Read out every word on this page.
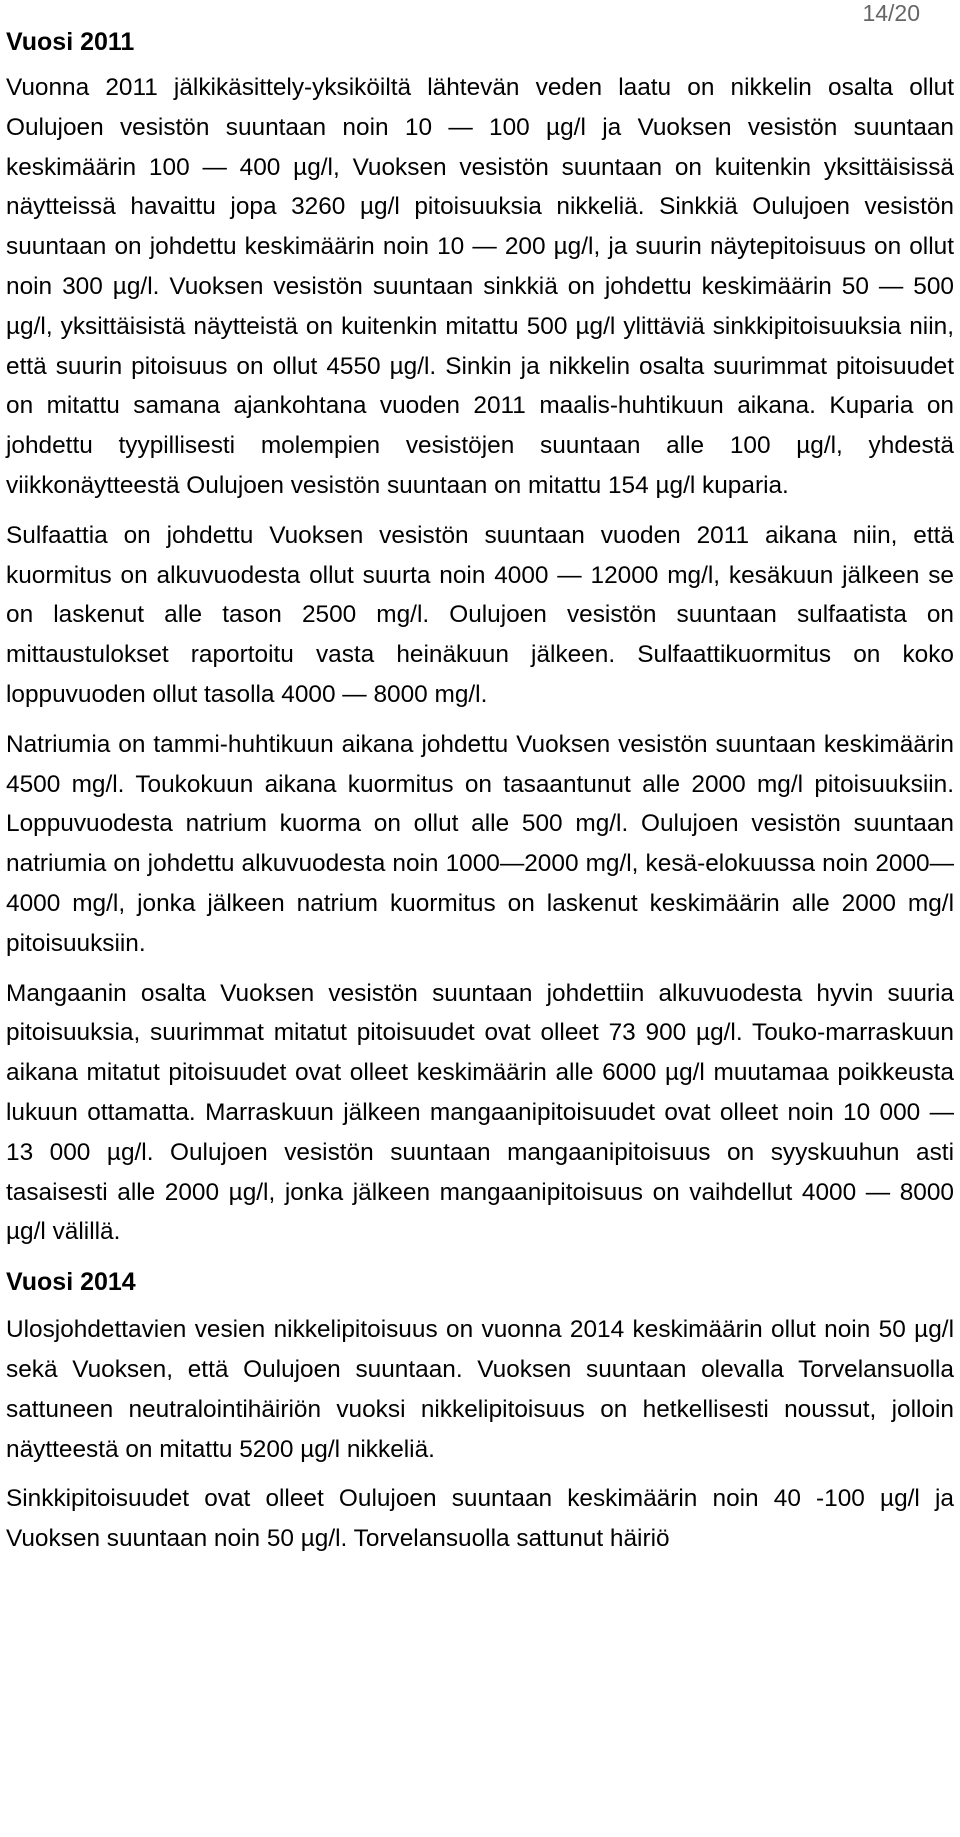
14/20
Vuosi 2011

Vuonna 2011 jälkikäsittely-yksiköiltä lähtevän veden laatu on nikkelin osalta ollut Oulujoen vesistön suuntaan noin 10 — 100 µg/l ja Vuoksen vesistön suuntaan keskimäärin 100 — 400 µg/l, Vuoksen vesistön suuntaan on kuitenkin yksittäisissä näytteissä havaittu jopa 3260 µg/l pitoisuuksia nikkeliä. Sinkkiä Oulujoen vesistön suuntaan on johdettu keskimäärin noin 10 — 200 µg/l, ja suurin näytepitoisuus on ollut noin 300 µg/l. Vuoksen vesistön suuntaan sinkkiä on johdettu keskimäärin 50 — 500 µg/l, yksittäisistä näytteistä on kuitenkin mitattu 500 µg/l ylittäviä sinkkipitoisuuksia niin, että suurin pitoisuus on ollut 4550 µg/l. Sinkin ja nikkelin osalta suurimmat pitoisuudet on mitattu samana ajankohtana vuoden 2011 maalis-huhtikuun aikana. Kuparia on johdettu tyypillisesti molempien vesistöjen suuntaan alle 100 µg/l, yhdestä viikkonäytteestä Oulujoen vesistön suuntaan on mitattu 154 µg/l kuparia.

Sulfaattia on johdettu Vuoksen vesistön suuntaan vuoden 2011 aikana niin, että kuormitus on alkuvuodesta ollut suurta noin 4000 — 12000 mg/l, kesäkuun jälkeen se on laskenut alle tason 2500 mg/l. Oulujoen vesistön suuntaan sulfaatista on mittaustulokset raportoitu vasta heinäkuun jälkeen. Sulfaattikuormitus on koko loppuvuoden ollut tasolla 4000 — 8000 mg/l.

Natriumia on tammi-huhtikuun aikana johdettu Vuoksen vesistön suuntaan keskimäärin 4500 mg/l. Toukokuun aikana kuormitus on tasaantunut alle 2000 mg/l pitoisuuksiin. Loppuvuodesta natrium kuorma on ollut alle 500 mg/l. Oulujoen vesistön suuntaan natriumia on johdettu alkuvuodesta noin 1000—2000 mg/l, kesä-elokuussa noin 2000—4000 mg/l, jonka jälkeen natrium kuormitus on laskenut keskimäärin alle 2000 mg/l pitoisuuksiin.

Mangaanin osalta Vuoksen vesistön suuntaan johdettiin alkuvuodesta hyvin suuria pitoisuuksia, suurimmat mitatut pitoisuudet ovat olleet 73 900 µg/l. Touko-marraskuun aikana mitatut pitoisuudet ovat olleet keskimäärin alle 6000 µg/l muutamaa poikkeusta lukuun ottamatta. Marraskuun jälkeen mangaanipitoisuudet ovat olleet noin 10 000 — 13 000 µg/l. Oulujoen vesistön suuntaan mangaanipitoisuus on syyskuuhun asti tasaisesti alle 2000 µg/l, jonka jälkeen mangaanipitoisuus on vaihdellut 4000 — 8000 µg/l välillä.

Vuosi 2014

Ulosjohdettavien vesien nikkelipitoisuus on vuonna 2014 keskimäärin ollut noin 50 µg/l sekä Vuoksen, että Oulujoen suuntaan. Vuoksen suuntaan olevalla Torvelansuolla sattuneen neutralointihäiriön vuoksi nikkelipitoisuus on hetkellisesti noussut, jolloin näytteestä on mitattu 5200 µg/l nikkeliä.

Sinkkipitoisuudet ovat olleet Oulujoen suuntaan keskimäärin noin 40 -100 µg/l ja Vuoksen suuntaan noin 50 µg/l. Torvelansuolla sattunut häiriö
